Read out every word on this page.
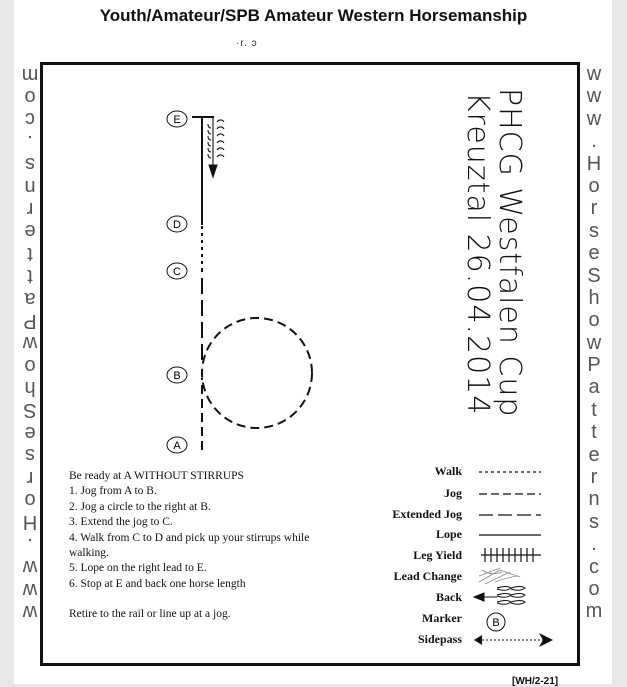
Youth/Amateur/SPB Amateur Western Horsemanship
·r. ɔ
w
w
w
.
H
o
r
s
e
S
h
o
w
P
a
t
t
e
r
n
s
.
c
o
m	w
w
w
.
H
o
r
s
e
S
h
o
w
P
a
t
t
e
r
n
s
.
c
o
m
E
D
C
B
A
B
PHCG Westfalen Cup
Kreuztal 26.04.2014
Be ready at A WITHOUT STIRRUPS
1. Jog from A to B.
2. Jog a circle to the right at B.
3. Extend the jog to C.
4. Walk from C to D and pick up your stirrups while walking.
5. Lope on the right lead to E.
6. Stop at E and back one horse length
Retire to the rail or line up at a jog.
Walk
Jog
Extended Jog
Lope
Leg Yield
Lead Change
Back
Marker
Sidepass
[WH/2-21]
